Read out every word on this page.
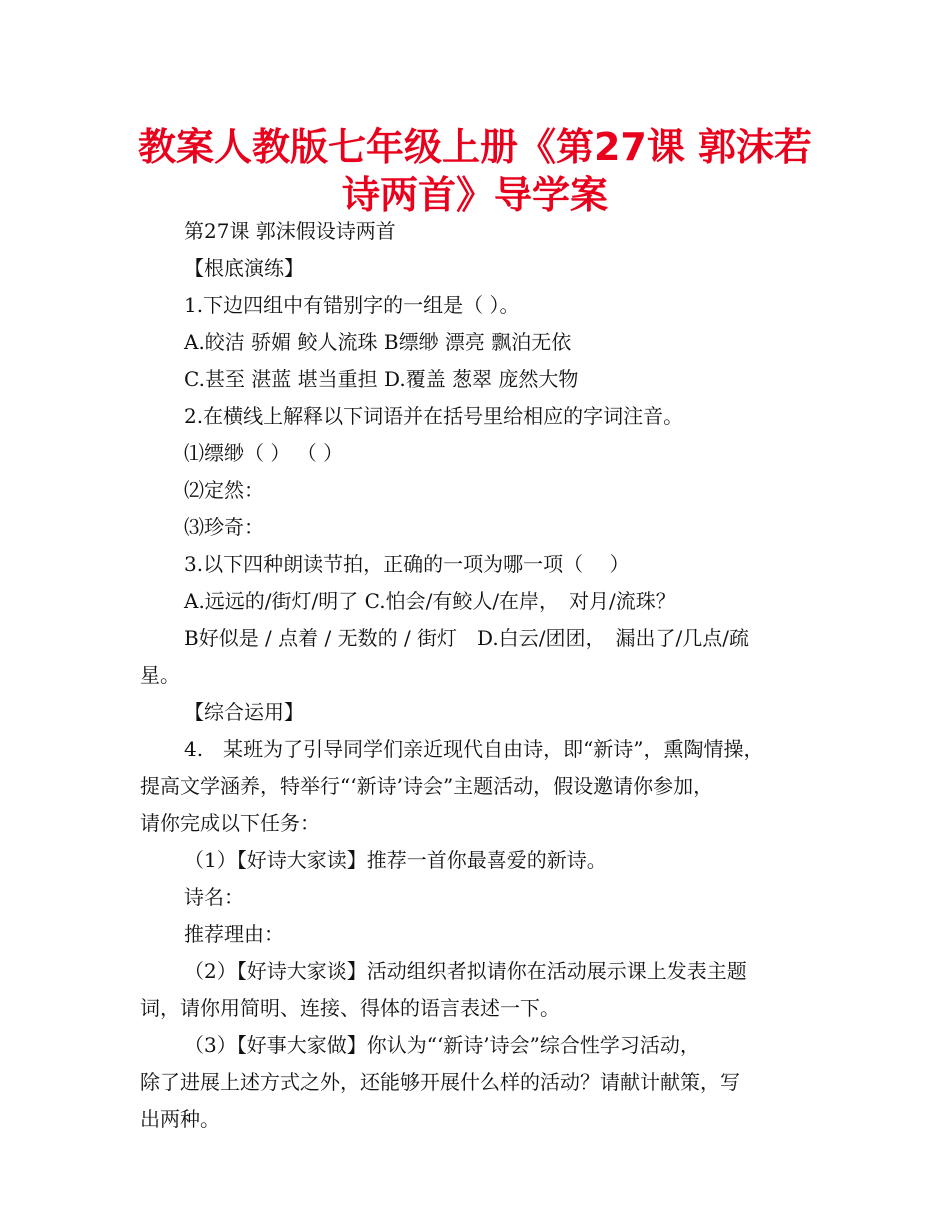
教案人教版七年级上册《第27课 郭沫若
诗两首》导学案
第27课 郭沫假设诗两首
【根底演练】
1.下边四组中有错别字的一组是（ ）。
A.皎洁 骄媚 鲛人流珠 B缥缈 漂亮 飘泊无依
C.甚至 湛蓝 堪当重担 D.覆盖 葱翠 庞然大物
2.在横线上解释以下词语并在括号里给相应的字词注音。
⑴缥缈（ ） （ ）
⑵定然：
⑶珍奇：
3.以下四种朗读节拍，正确的一项为哪一项（　 ）
A.远远的/街灯/明了 C.怕会/有鲛人/在岸，　对月/流珠？
B好似是 / 点着 / 无数的 / 街灯　D.白云/团团，　漏出了/几点/疏
星。
【综合运用】
4.　某班为了引导同学们亲近现代自由诗，即“新诗”，熏陶情操，
提高文学涵养，特举行“‘新诗’诗会”主题活动，假设邀请你参加，
请你完成以下任务：
（1）【好诗大家读】推荐一首你最喜爱的新诗。
诗名：
推荐理由：
（2）【好诗大家谈】活动组织者拟请你在活动展示课上发表主题
词，请你用简明、连接、得体的语言表述一下。
（3）【好事大家做】你认为“‘新诗’诗会”综合性学习活动，
除了进展上述方式之外，还能够开展什么样的活动？请献计献策，写
出两种。
